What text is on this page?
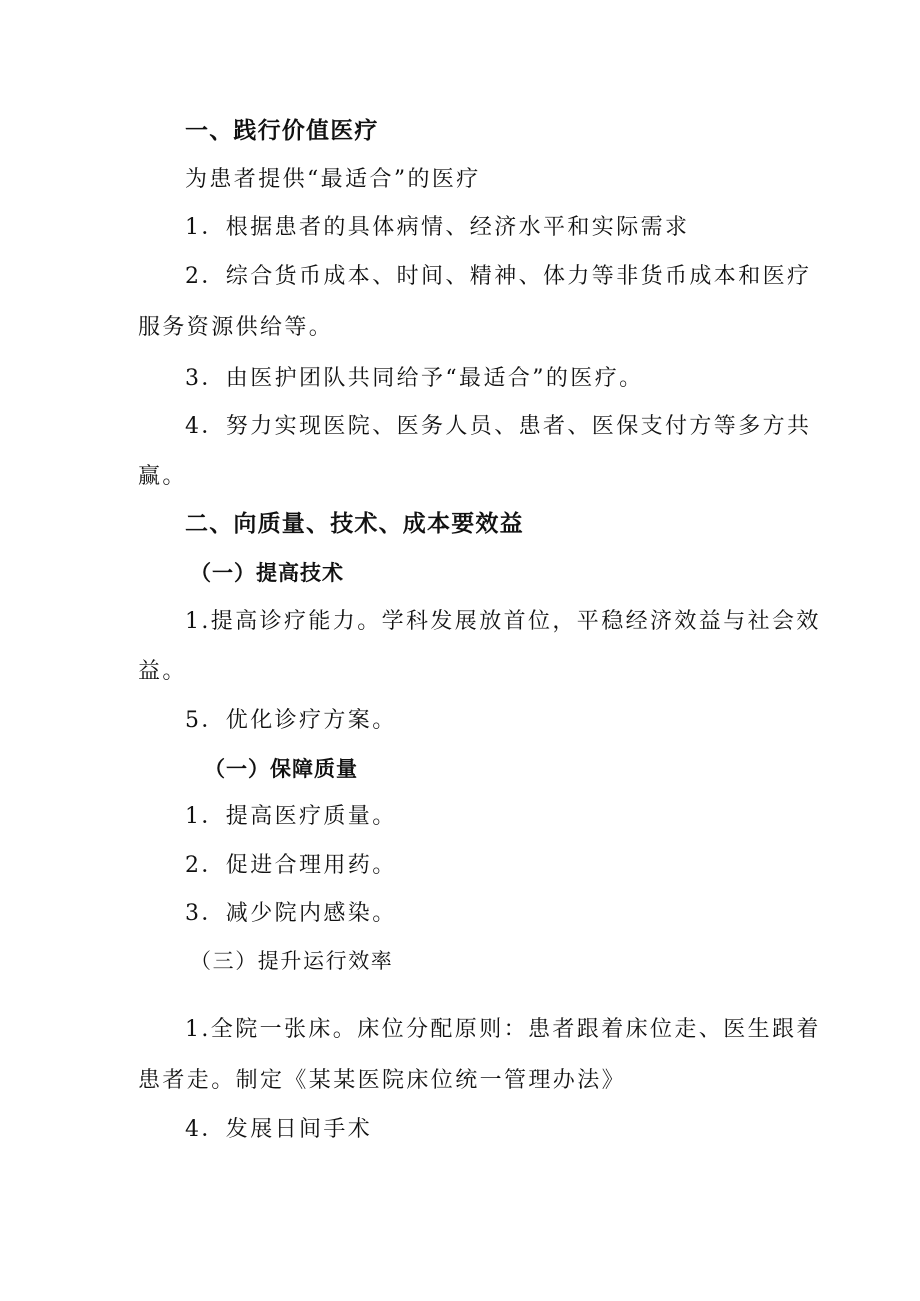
一、践行价值医疗
为患者提供“最适合”的医疗
1．根据患者的具体病情、经济水平和实际需求
2．综合货币成本、时间、精神、体力等非货币成本和医疗
服务资源供给等。
3．由医护团队共同给予“最适合”的医疗。
4．努力实现医院、医务人员、患者、医保支付方等多方共
赢。
二、向质量、技术、成本要效益
（一）提高技术
1.提高诊疗能力。学科发展放首位，平稳经济效益与社会效
益。
5．优化诊疗方案。
（一）保障质量
1．提高医疗质量。
2．促进合理用药。
3．减少院内感染。
（三）提升运行效率
1.全院一张床。床位分配原则：患者跟着床位走、医生跟着
患者走。制定《某某医院床位统一管理办法》
4．发展日间手术
